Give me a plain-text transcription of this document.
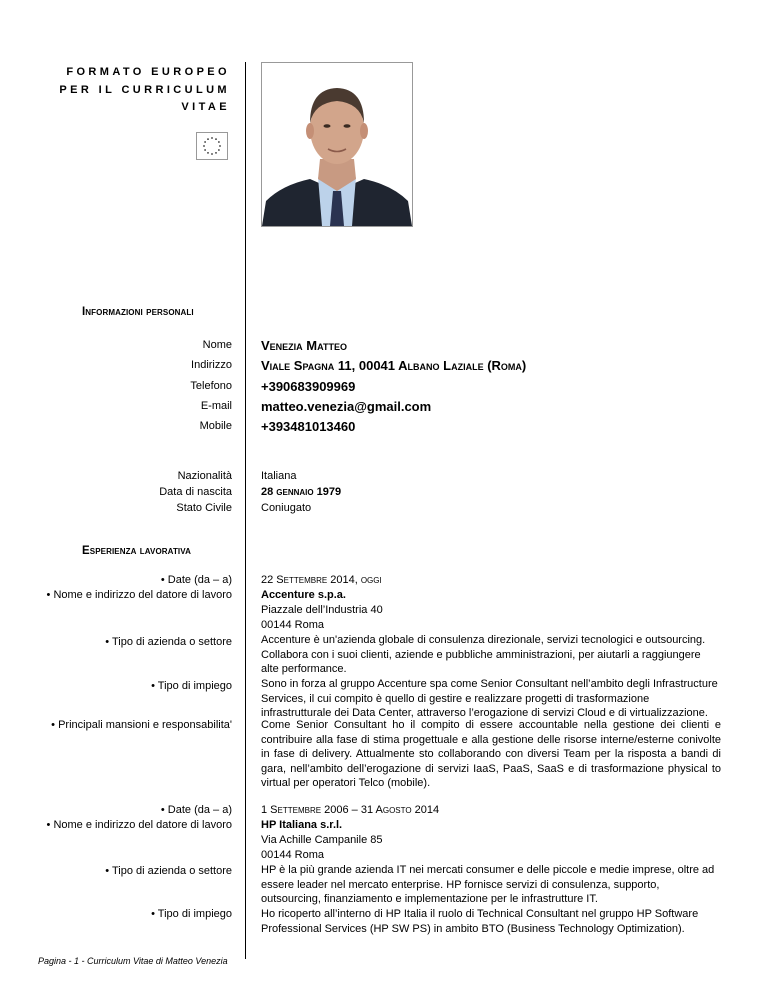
FORMATO EUROPEO
PER IL CURRICULUM
VITAE
Informazioni personali
Nome
Indirizzo
Telefono
E-mail
Mobile
Venezia Matteo
Viale Spagna 11, 00041 Albano Laziale (Roma)
+390683909969
matteo.venezia@gmail.com
+393481013460
Nazionalità
Data di nascita
Stato Civile
Italiana
28 gennaio 1979
Coniugato
Esperienza lavorativa
• Date (da – a)
• Nome e indirizzo del datore di lavoro
• Tipo di azienda o settore
• Tipo di impiego
• Principali mansioni e responsabilita'
22 Settembre 2014, oggi
Accenture s.p.a.
Piazzale dell’Industria 40
00144 Roma
Accenture è un'azienda globale di consulenza direzionale, servizi tecnologici e outsourcing. Collabora con i suoi clienti, aziende e pubbliche amministrazioni, per aiutarli a raggiungere alte performance.
Sono in forza al gruppo Accenture spa come Senior Consultant nell’ambito degli Infrastructure Services, il cui compito è quello di gestire e realizzare progetti di trasformazione infrastrutturale dei Data Center, attraverso l’erogazione di servizi Cloud e di virtualizzazione.
Come Senior Consultant ho il compito di essere accountable nella gestione dei clienti e contribuire alla fase di stima progettuale e alla gestione delle risorse interne/esterne conivolte in fase di delivery. Attualmente sto collaborando con diversi Team per la risposta a bandi di gara, nell’ambito dell’erogazione di servizi IaaS, PaaS, SaaS e di trasformazione physical to virtual per operatori Telco (mobile).
• Date (da – a)
• Nome e indirizzo del datore di lavoro
• Tipo di azienda o settore
• Tipo di impiego
1 Settembre 2006 – 31 Agosto 2014
HP Italiana s.r.l.
Via Achille Campanile 85
00144 Roma
HP è la più grande azienda IT nei mercati consumer e delle piccole e medie imprese, oltre ad essere leader nel mercato enterprise. HP fornisce servizi di consulenza, supporto, outsourcing, finanziamento e implementazione per le infrastrutture IT.
Ho ricoperto all’interno di HP Italia il ruolo di Technical Consultant nel gruppo HP Software Professional Services (HP SW PS) in ambito BTO (Business Technology Optimization).
Pagina - 1 - Curriculum Vitae di Matteo Venezia
